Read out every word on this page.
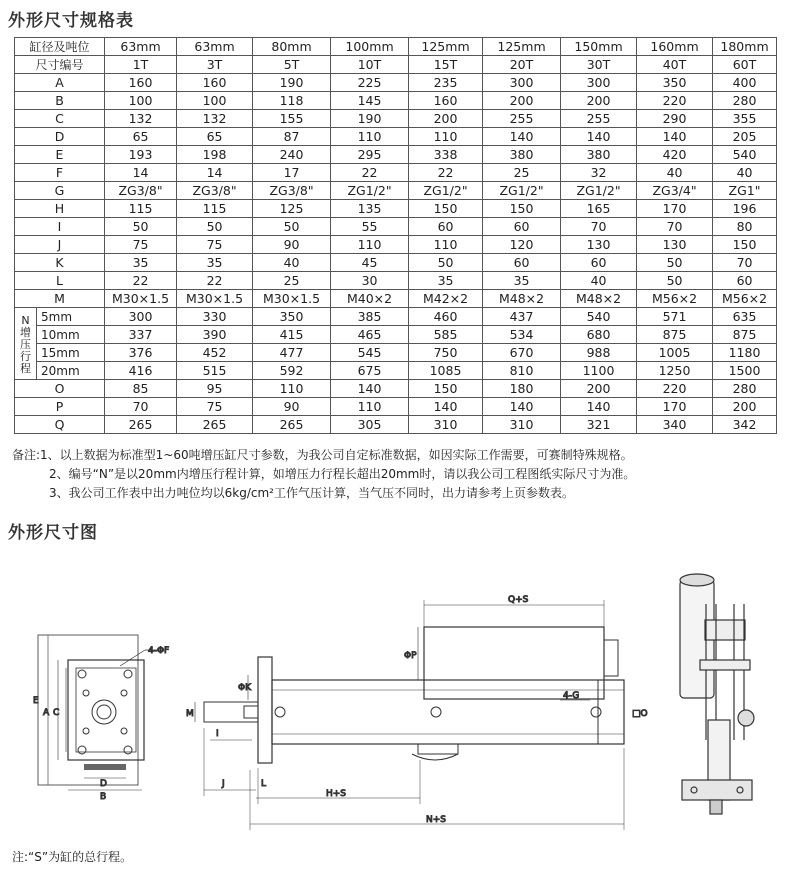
外形尺寸规格表
缸径及吨位		63mm	63mm	80mm	100mm	125mm	125mm	150mm	160mm	180mm
尺寸编号		1T	3T	5T	10T	15T	20T	30T	40T	60T
A		160	160	190	225	235	300	300	350	400
B		100	100	118	145	160	200	200	220	280
C		132	132	155	190	200	255	255	290	355
D		65	65	87	110	110	140	140	140	205
E		193	198	240	295	338	380	380	420	540
F		14	14	17	22	22	25	32	40	40
G		ZG3/8"	ZG3/8"	ZG3/8"	ZG1/2"	ZG1/2"	ZG1/2"	ZG1/2"	ZG3/4"	ZG1"
H		115	115	125	135	150	150	165	170	196
I		50	50	50	55	60	60	70	70	80
J		75	75	90	110	110	120	130	130	150
K		35	35	40	45	50	60	60	50	70
L		22	22	25	30	35	35	40	50	60
M		M30×1.5	M30×1.5	M30×1.5	M40×2	M42×2	M48×2	M48×2	M56×2	M56×2

N
增
压
行
程	5mm	300	330	350	385	460	437	540	571	635
	10mm	337	390	415	465	585	534	680	875	875
	15mm	376	452	477	545	750	670	988	1005	1180
	20mm	416	515	592	675	1085	810	1100	1250	1500
O		85	95	110	140	150	180	200	220	280
P		70	75	90	110	140	140	140	170	200
Q		265	265	265	305	310	310	321	340	342
备注:1、以上数据为标准型1~60吨增压缸尺寸参数，为我公司自定标准数据，如因实际工作需要，可赛制特殊规格。
2、编号“N”是以20mm内增压行程计算，如增压力行程长超出20mm时，请以我公司工程图纸实际尺寸为准。
3、我公司工作表中出力吨位均以6kg/cm²工作气压计算，当气压不同时，出力请参考上页参数表。
外形尺寸图
4-ΦF
E
A C
D
B
Q+S
ΦP
ΦK
M
I
J	L
4-G
□O
H+S
N+S
注:“S”为缸的总行程。
